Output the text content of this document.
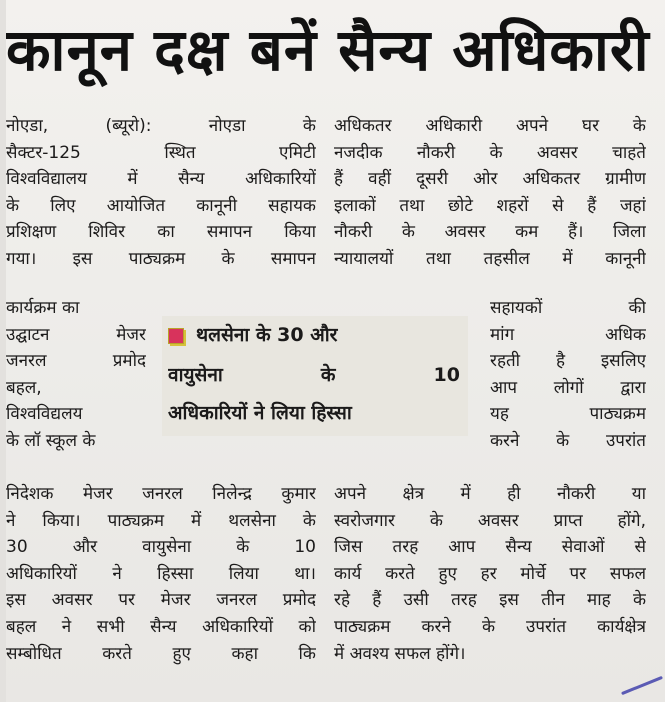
कानून दक्ष बनें सैन्य अधिकारी
नोएडा, (ब्यूरो): नोएडा के
सैक्टर-125 स्थित एमिटी
विश्वविद्यालय में सैन्य अधिकारियों
के लिए आयोजित कानूनी सहायक
प्रशिक्षण शिविर का समापन किया
गया। इस पाठ्यक्रम के समापन
कार्यक्रम का
उद्घाटन मेजर
जनरल प्रमोद
बहल,
विश्वविद्यलय
के लॉ स्कूल के
निदेशक मेजर जनरल निलेन्द्र कुमार
ने किया। पाठ्यक्रम में थलसेना के
30 और वायुसेना के 10
अधिकारियों ने हिस्सा लिया था।
इस अवसर पर मेजर जनरल प्रमोद
बहल ने सभी सैन्य अधिकारियों को
सम्बोधित करते हुए कहा कि
अधिकतर अधिकारी अपने घर के
नजदीक नौकरी के अवसर चाहते
हैं वहीं दूसरी ओर अधिकतर ग्रामीण
इलाकों तथा छोटे शहरों से हैं जहां
नौकरी के अवसर कम हैं। जिला
न्यायालयों तथा तहसील में कानूनी
सहायकों की
मांग अधिक
रहती है इसलिए
आप लोगों द्वारा
यह पाठ्यक्रम
करने के उपरांत
अपने क्षेत्र में ही नौकरी या
स्वरोजगार के अवसर प्राप्त होंगे,
जिस तरह आप सैन्य सेवाओं से
कार्य करते हुए हर मोर्चे पर सफल
रहे हैं उसी तरह इस तीन माह के
पाठ्यक्रम करने के उपरांत कार्यक्षेत्र
में अवश्य सफल होंगे।
थलसेना के 30 और
वायुसेना के 10
अधिकारियों ने लिया हिस्सा
